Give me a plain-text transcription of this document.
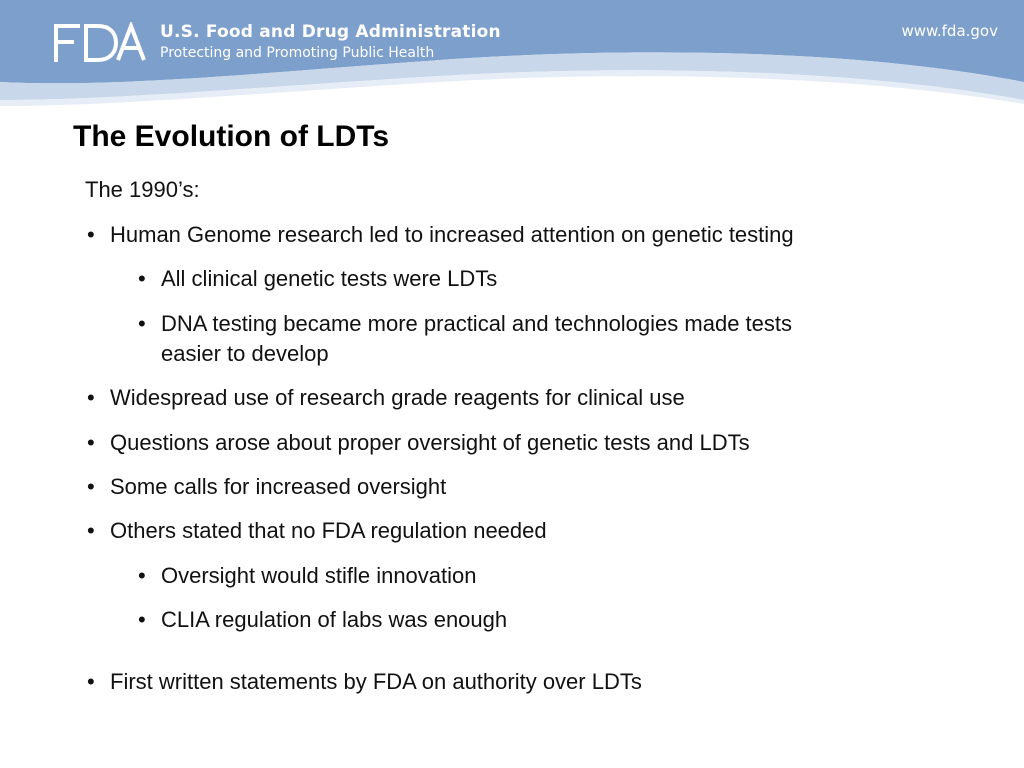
U.S. Food and Drug Administration
Protecting and Promoting Public Health
www.fda.gov
The Evolution of LDTs
The 1990’s:
• Human Genome research led to increased attention on genetic testing
• All clinical genetic tests were LDTs
• DNA testing became more practical and technologies made tests
easier to develop
• Widespread use of research grade reagents for clinical use
• Questions arose about proper oversight of genetic tests and LDTs
• Some calls for increased oversight
• Others stated that no FDA regulation needed
• Oversight would stifle innovation
• CLIA regulation of labs was enough
• First written statements by FDA on authority over LDTs
